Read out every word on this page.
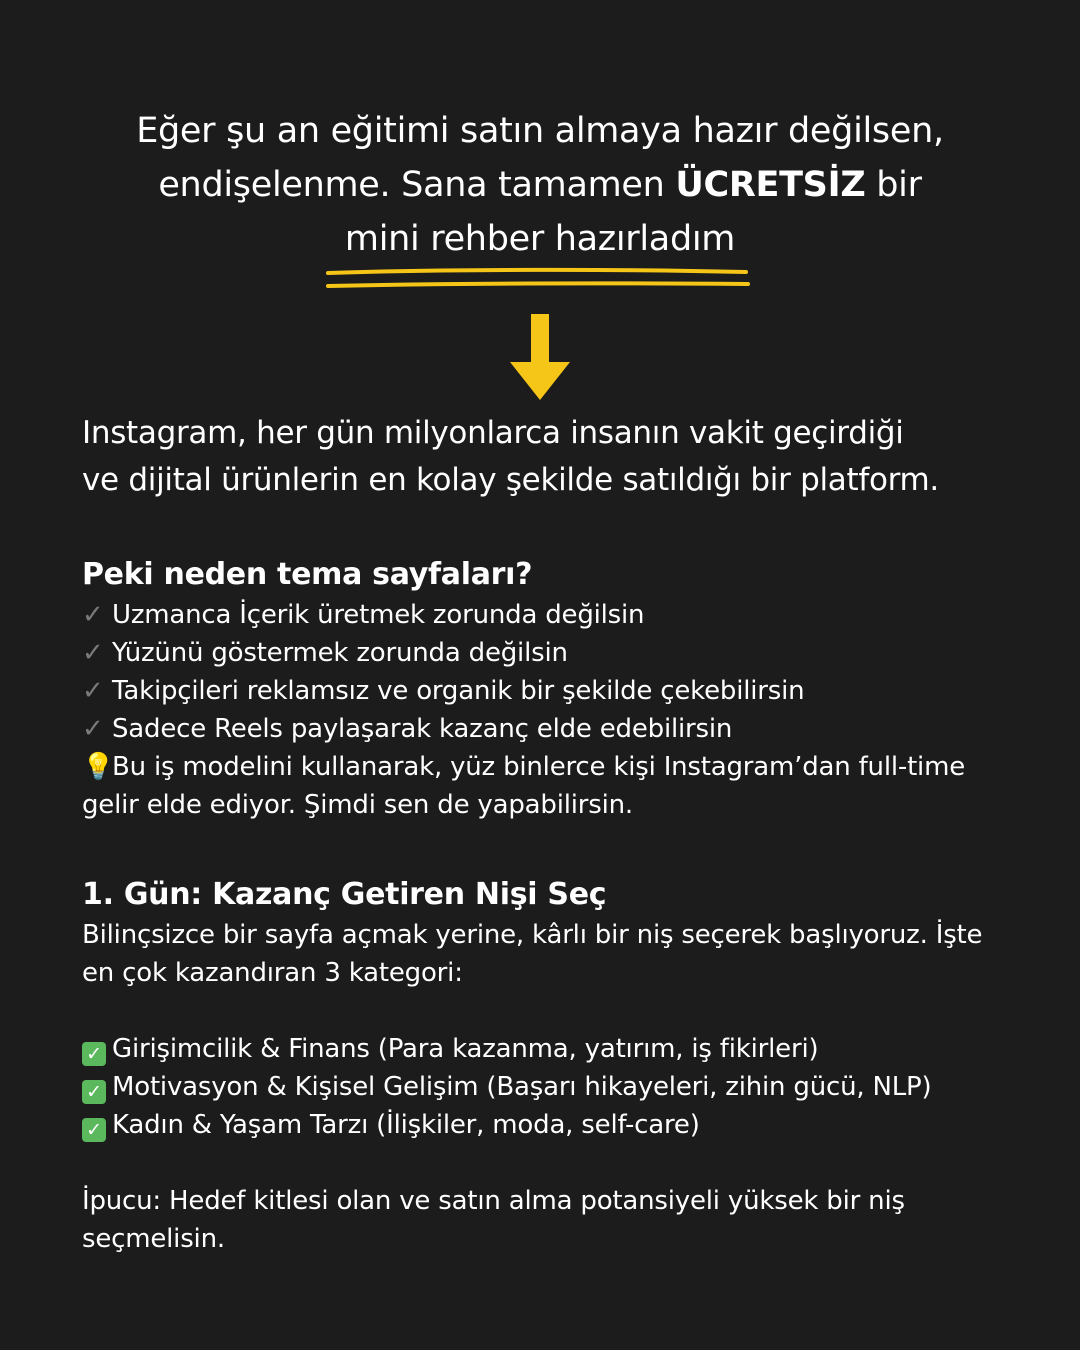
Eğer şu an eğitimi satın almaya hazır değilsen,
endişelenme. Sana tamamen ÜCRETSİZ bir
mini rehber hazırladım
Instagram, her gün milyonlarca insanın vakit geçirdiği
ve dijital ürünlerin en kolay şekilde satıldığı bir platform.
Peki neden tema sayfaları?
✓ Uzmanca İçerik üretmek zorunda değilsin
✓ Yüzünü göstermek zorunda değilsin
✓ Takipçileri reklamsız ve organik bir şekilde çekebilirsin
✓ Sadece Reels paylaşarak kazanç elde edebilirsin
💡Bu iş modelini kullanarak, yüz binlerce kişi Instagram’dan full-time
gelir elde ediyor. Şimdi sen de yapabilirsin.
1. Gün: Kazanç Getiren Nişi Seç
Bilinçsizce bir sayfa açmak yerine, kârlı bir niş seçerek başlıyoruz. İşte
en çok kazandıran 3 kategori:
✓ Girişimcilik & Finans (Para kazanma, yatırım, iş fikirleri)
✓ Motivasyon & Kişisel Gelişim (Başarı hikayeleri, zihin gücü, NLP)
✓ Kadın & Yaşam Tarzı (İlişkiler, moda, self-care)
İpucu: Hedef kitlesi olan ve satın alma potansiyeli yüksek bir niş
seçmelisin.
